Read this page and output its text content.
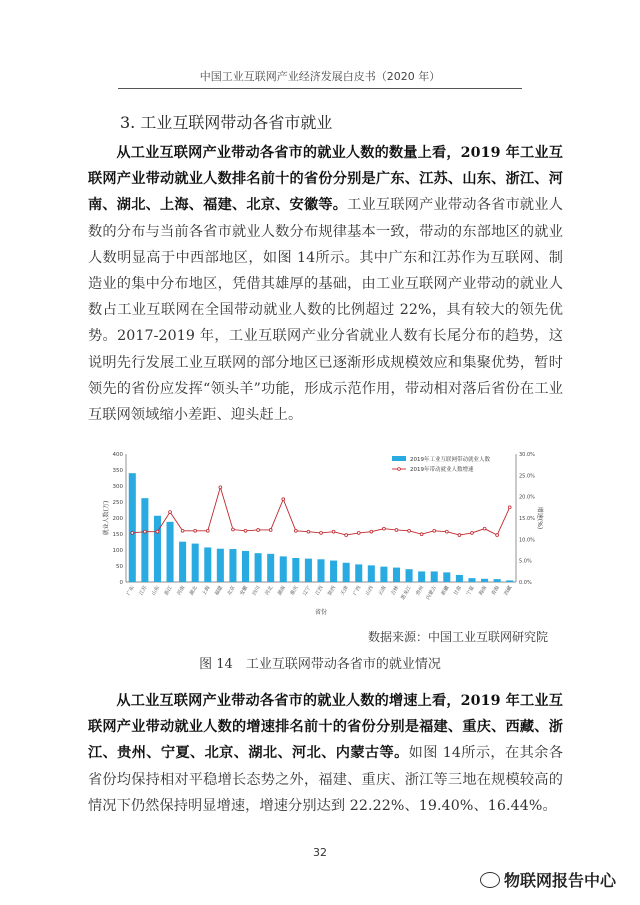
中国工业互联网产业经济发展白皮书（2020 年）
3. 工业互联网带动各省市就业

从工业互联网产业带动各省市的就业人数的数量上看，2019 年工业互联网产业带动就业人数排名前十的省份分别是广东、江苏、山东、浙江、河南、湖北、上海、福建、北京、安徽等。工业互联网产业带动各省市就业人数的分布与当前各省市就业人数分布规律基本一致，带动的东部地区的就业人数明显高于中西部地区，如图 14所示。其中广东和江苏作为互联网、制造业的集中分布地区，凭借其雄厚的基础，由工业互联网产业带动的就业人数占工业互联网在全国带动就业人数的比例超过 22%，具有较大的领先优势。2017-2019 年，工业互联网产业分省就业人数有长尾分布的趋势，这说明先行发展工业互联网的部分地区已逐渐形成规模效应和集聚优势，暂时领先的省份应发挥“领头羊”功能，形成示范作用，带动相对落后省份在工业互联网领域缩小差距、迎头赶上。

0
50
100
150
200
250
300
350
400
0.0%
5.0%
10.0%
15.0%
20.0%
25.0%
30.0%
广东 江苏 山东 浙江 河南 湖北 上海 福建 北京 安徽 四川 河北 湖南 重庆 辽宁 江西 陕西 天津 广西 山西 云南 吉林 黑龙江 贵州 内蒙古 新疆 甘肃 宁夏 海南 青海 西藏
省份
就业人数(万)	增速(%)
2019年工业互联网带动就业人数
2019年带动就业人数增速
数据来源：中国工业互联网研究院
图 14　工业互联网带动各省市的就业情况

从工业互联网产业带动各省市的就业人数的增速上看，2019 年工业互联网产业带动就业人数的增速排名前十的省份分别是福建、重庆、西藏、浙江、贵州、宁夏、北京、湖北、河北、内蒙古等。如图 14所示，在其余各省份均保持相对平稳增长态势之外，福建、重庆、浙江等三地在规模较高的情况下仍然保持明显增速，增速分别达到 22.22%、19.40%、16.44%。

32
物联网报告中心
